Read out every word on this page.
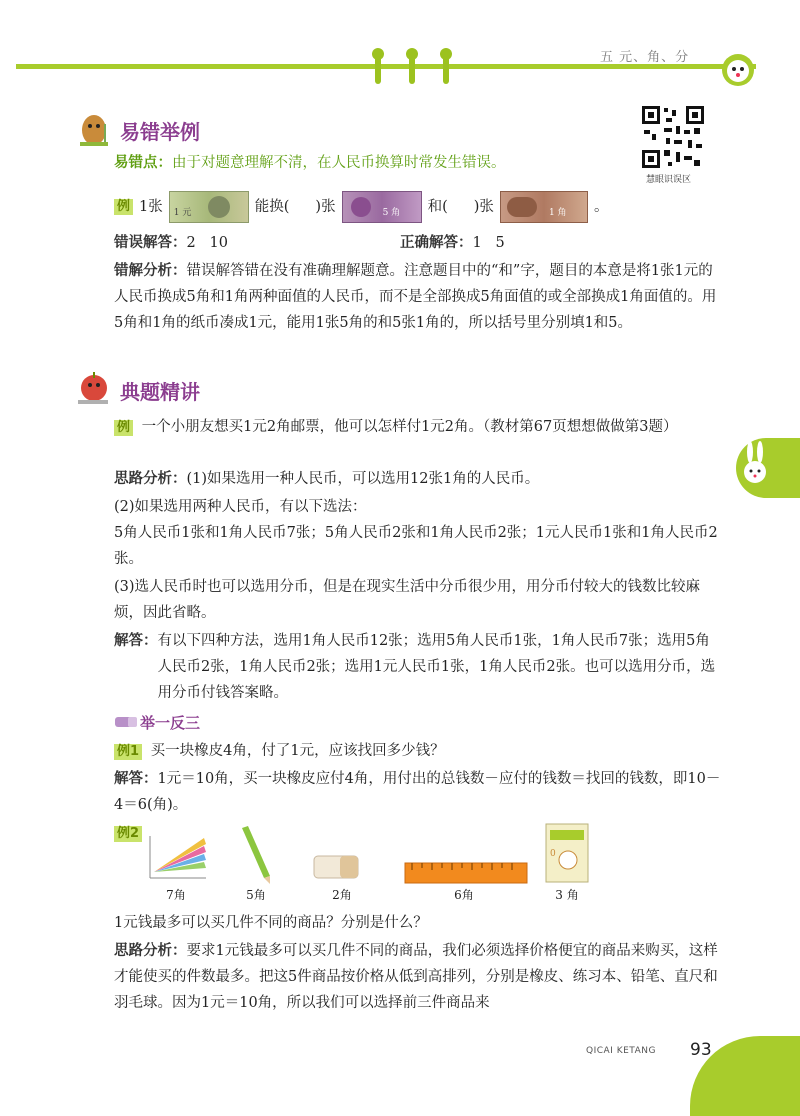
五 元、角、分
慧眼识误区
易错举例
易错点：由于对题意理解不清，在人民币换算时常发生错误。
例 1张 1 元	能换( )张	5 角 和( )张	1 角 。
错误解答：2   10	正确解答：1   5
错解分析：错误解答错在没有准确理解题意。注意题目中的“和”字，题目的本意是将1张1元的人民币换成5角和1角两种面值的人民币，而不是全部换成5角面值的或全部换成1角面值的。用5角和1角的纸币凑成1元，能用1张5角的和5张1角的，所以括号里分别填1和5。
典题精讲
例 一个小朋友想买1元2角邮票，他可以怎样付1元2角。（教材第67页想想做做第3题）
思路分析：(1)如果选用一种人民币，可以选用12张1角的人民币。
(2)如果选用两种人民币，有以下选法：
5角人民币1张和1角人民币7张；5角人民币2张和1角人民币2张；1元人民币1张和1角人民币2张。
(3)选人民币时也可以选用分币，但是在现实生活中分币很少用，用分币付较大的钱数比较麻烦，因此省略。
解答： 有以下四种方法，选用1角人民币12张；选用5角人民币1张，1角人民币7张；选用5角人民币2张，1角人民币2张；选用1元人民币1张，1角人民币2张。也可以选用分币，选用分币付钱答案略。
举一反三
例1 买一块橡皮4角，付了1元，应该找回多少钱？
解答：1元＝10角，买一块橡皮应付4角，用付出的总钱数－应付的钱数＝找回的钱数，即10－4＝6(角)。
例2
7角	5角	2角	6角
0
3 角
1元钱最多可以买几件不同的商品？分别是什么？
思路分析：要求1元钱最多可以买几件不同的商品，我们必须选择价格便宜的商品来购买，这样才能使买的件数最多。把这5件商品按价格从低到高排列，分别是橡皮、练习本、铅笔、直尺和羽毛球。因为1元＝10角，所以我们可以选择前三件商品来
QICAI KETANG 93
